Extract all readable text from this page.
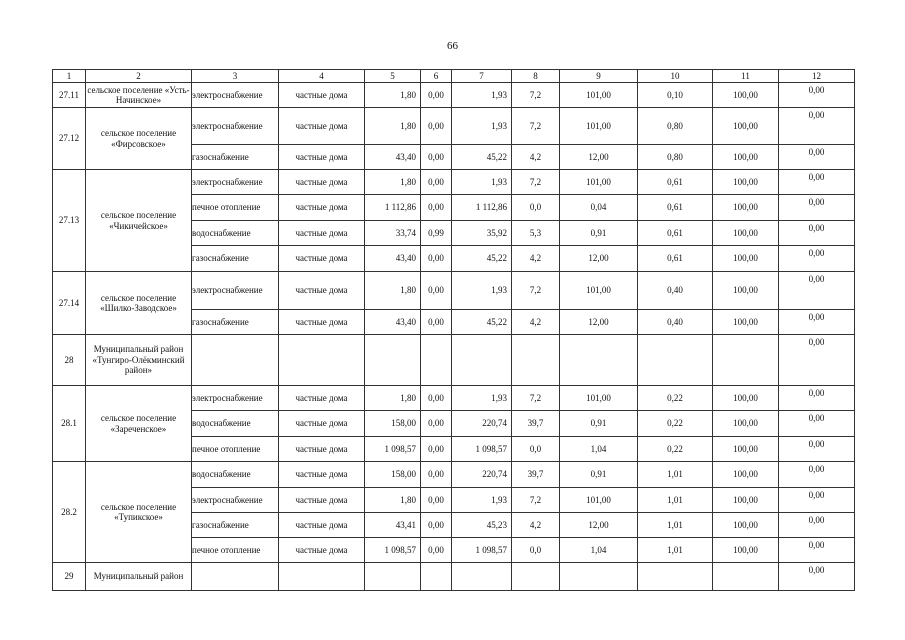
66
1	2	3	4	5	6	7	8	9	10	11	12
27.11	сельское поселение «Усть-Начинское»	электроснабжение	частные дома	1,80	0,00	1,93	7,2	101,00	0,10	100,00	0,00
27.12	сельское поселение «Фирсовское»	электроснабжение	частные дома	1,80	0,00	1,93	7,2	101,00	0,80	100,00	0,00
		газоснабжение	частные дома	43,40	0,00	45,22	4,2	12,00	0,80	100,00	0,00
27.13	сельское поселение «Чикичейское»	электроснабжение	частные дома	1,80	0,00	1,93	7,2	101,00	0,61	100,00	0,00
		печное отопление	частные дома	1 112,86	0,00	1 112,86	0,0	0,04	0,61	100,00	0,00
		водоснабжение	частные дома	33,74	0,99	35,92	5,3	0,91	0,61	100,00	0,00
		газоснабжение	частные дома	43,40	0,00	45,22	4,2	12,00	0,61	100,00	0,00
27.14	сельское поселение «Шилко-Заводское»	электроснабжение	частные дома	1,80	0,00	1,93	7,2	101,00	0,40	100,00	0,00
		газоснабжение	частные дома	43,40	0,00	45,22	4,2	12,00	0,40	100,00	0,00
28	Муниципальный район «Тунгиро-Олёкминский район»										0,00
28.1	сельское поселение «Зареченское»	электроснабжение	частные дома	1,80	0,00	1,93	7,2	101,00	0,22	100,00	0,00
		водоснабжение	частные дома	158,00	0,00	220,74	39,7	0,91	0,22	100,00	0,00
		печное отопление	частные дома	1 098,57	0,00	1 098,57	0,0	1,04	0,22	100,00	0,00
28.2	сельское поселение «Тупикское»	водоснабжение	частные дома	158,00	0,00	220,74	39,7	0,91	1,01	100,00	0,00
		электроснабжение	частные дома	1,80	0,00	1,93	7,2	101,00	1,01	100,00	0,00
		газоснабжение	частные дома	43,41	0,00	45,23	4,2	12,00	1,01	100,00	0,00
		печное отопление	частные дома	1 098,57	0,00	1 098,57	0,0	1,04	1,01	100,00	0,00
29	Муниципальный район										0,00
